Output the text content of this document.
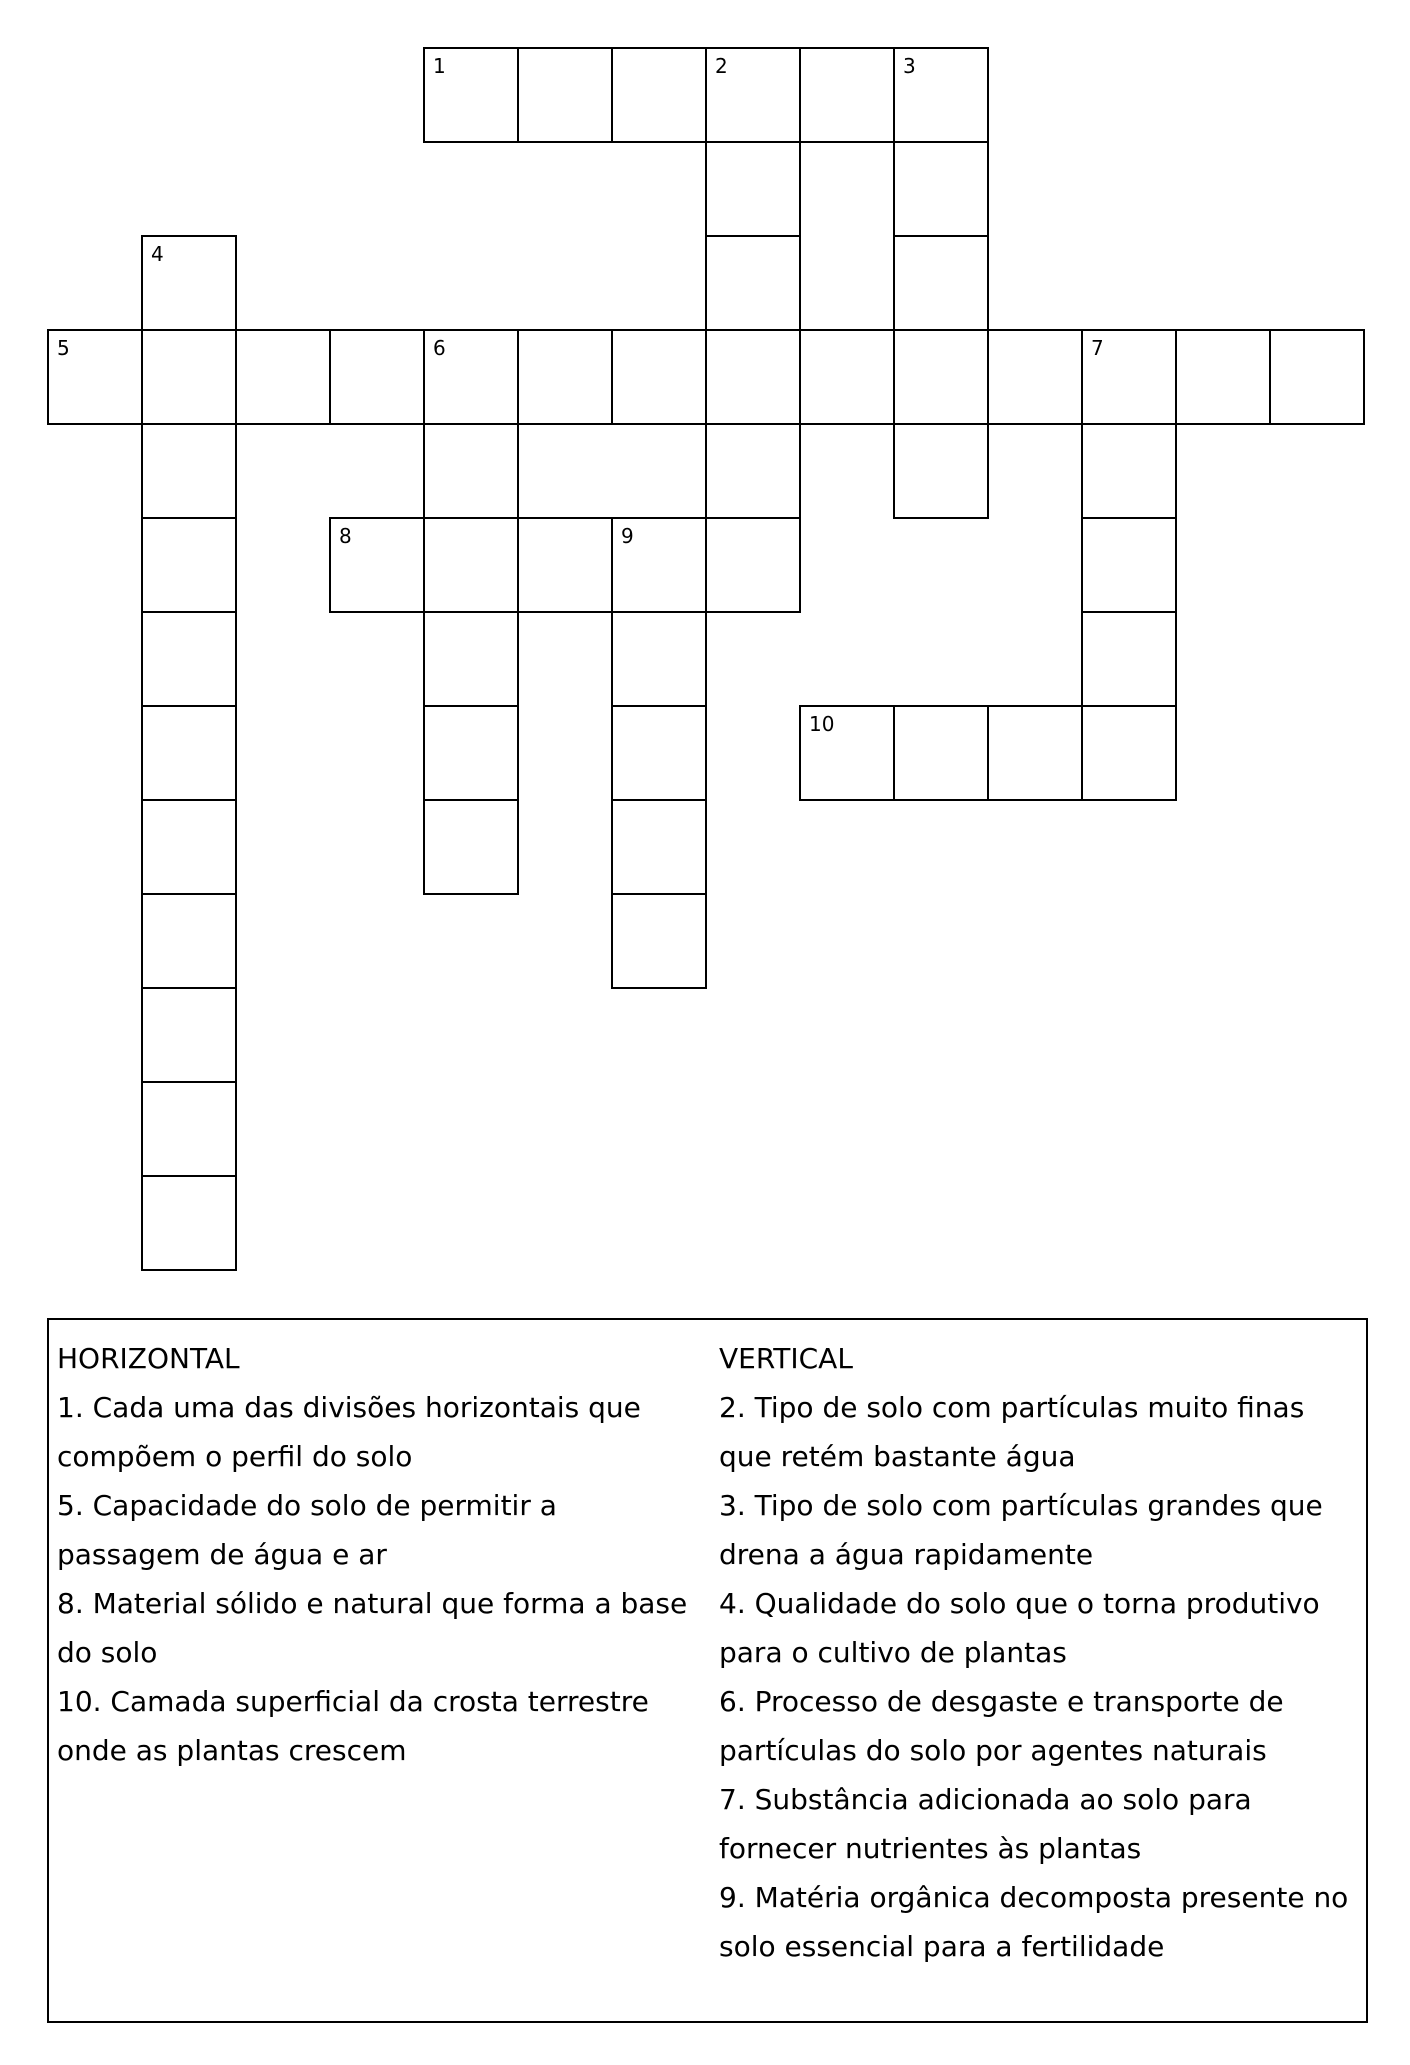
1	2	3
4
5	6	7
8	9
10
HORIZONTAL
1. Cada uma das divisões horizontais que compõem o perfil do solo
5. Capacidade do solo de permitir a passagem de água e ar
8. Material sólido e natural que forma a base do solo
10. Camada superficial da crosta terrestre onde as plantas crescem
VERTICAL
2. Tipo de solo com partículas muito finas que retém bastante água
3. Tipo de solo com partículas grandes que drena a água rapidamente
4. Qualidade do solo que o torna produtivo para o cultivo de plantas
6. Processo de desgaste e transporte de partículas do solo por agentes naturais
7. Substância adicionada ao solo para fornecer nutrientes às plantas
9. Matéria orgânica decomposta presente no solo essencial para a fertilidade
